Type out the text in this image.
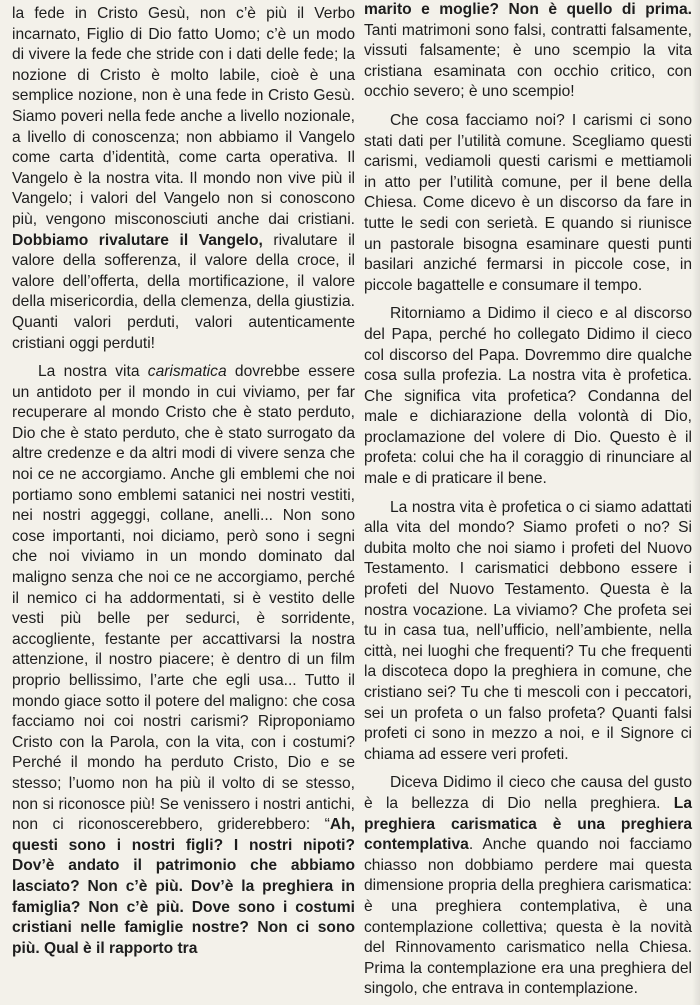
la fede in Cristo Gesù, non c’è più il Verbo incarnato, Figlio di Dio fatto Uomo; c’è un modo di vivere la fede che stride con i dati delle fede; la nozione di Cristo è molto labile, cioè è una semplice nozione, non è una fede in Cristo Gesù. Siamo poveri nella fede anche a livello nozionale, a livello di conoscenza; non abbiamo il Vangelo come carta d’identità, come carta operativa. Il Vangelo è la nostra vita. Il mondo non vive più il Vangelo; i valori del Vangelo non si conoscono più, vengono misconosciuti anche dai cristiani. Dobbiamo rivalutare il Vangelo, rivalutare il valore della sofferenza, il valore della croce, il valore dell’offerta, della mortificazione, il valore della misericordia, della clemenza, della giustizia. Quanti valori perduti, valori autenticamente cristiani oggi perduti!

La nostra vita carismatica dovrebbe essere un antidoto per il mondo in cui viviamo, per far recuperare al mondo Cristo che è stato perduto, Dio che è stato perduto, che è stato surrogato da altre credenze e da altri modi di vivere senza che noi ce ne accorgiamo. Anche gli emblemi che noi portiamo sono emblemi satanici nei nostri vestiti, nei nostri aggeggi, collane, anelli... Non sono cose importanti, noi diciamo, però sono i segni che noi viviamo in un mondo dominato dal maligno senza che noi ce ne accorgiamo, perché il nemico ci ha addormentati, si è vestito delle vesti più belle per sedurci, è sorridente, accogliente, festante per accattivarsi la nostra attenzione, il nostro piacere; è dentro di un film proprio bellissimo, l’arte che egli usa... Tutto il mondo giace sotto il potere del maligno: che cosa facciamo noi coi nostri carismi? Riproponiamo Cristo con la Parola, con la vita, con i costumi? Perché il mondo ha perduto Cristo, Dio e se stesso; l’uomo non ha più il volto di se stesso, non si riconosce più! Se venissero i nostri antichi, non ci riconoscerebbero, griderebbero: “Ah, questi sono i nostri figli? I nostri nipoti? Dov’è andato il patrimonio che abbiamo lasciato? Non c’è più. Dov’è la preghiera in famiglia? Non c’è più. Dove sono i costumi cristiani nelle famiglie nostre? Non ci sono più. Qual è il rapporto tra

marito e moglie? Non è quello di prima. Tanti matrimoni sono falsi, contratti falsamente, vissuti falsamente; è uno scempio la vita cristiana esaminata con occhio critico, con occhio severo; è uno scempio!

Che cosa facciamo noi? I carismi ci sono stati dati per l’utilità comune. Scegliamo questi carismi, vediamoli questi carismi e mettiamoli in atto per l’utilità comune, per il bene della Chiesa. Come dicevo è un discorso da fare in tutte le sedi con serietà. E quando si riunisce un pastorale bisogna esaminare questi punti basilari anziché fermarsi in piccole cose, in piccole bagattelle e consumare il tempo.

Ritorniamo a Didimo il cieco e al discorso del Papa, perché ho collegato Didimo il cieco col discorso del Papa. Dovremmo dire qualche cosa sulla profezia. La nostra vita è profetica. Che significa vita profetica? Condanna del male e dichiarazione della volontà di Dio, proclamazione del volere di Dio. Questo è il profeta: colui che ha il coraggio di rinunciare al male e di praticare il bene.

La nostra vita è profetica o ci siamo adattati alla vita del mondo? Siamo profeti o no? Si dubita molto che noi siamo i profeti del Nuovo Testamento. I carismatici debbono essere i profeti del Nuovo Testamento. Questa è la nostra vocazione. La viviamo? Che profeta sei tu in casa tua, nell’ufficio, nell’ambiente, nella città, nei luoghi che frequenti? Tu che frequenti la discoteca dopo la preghiera in comune, che cristiano sei? Tu che ti mescoli con i peccatori, sei un profeta o un falso profeta? Quanti falsi profeti ci sono in mezzo a noi, e il Signore ci chiama ad essere veri profeti.

Diceva Didimo il cieco che causa del gusto è la bellezza di Dio nella preghiera. La preghiera carismatica è una preghiera contemplativa. Anche quando noi facciamo chiasso non dobbiamo perdere mai questa dimensione propria della preghiera carismatica: è una preghiera contemplativa, è una contemplazione collettiva; questa è la novità del Rinnovamento carismatico nella Chiesa. Prima la contemplazione era una preghiera del singolo, che entrava in contemplazione.
